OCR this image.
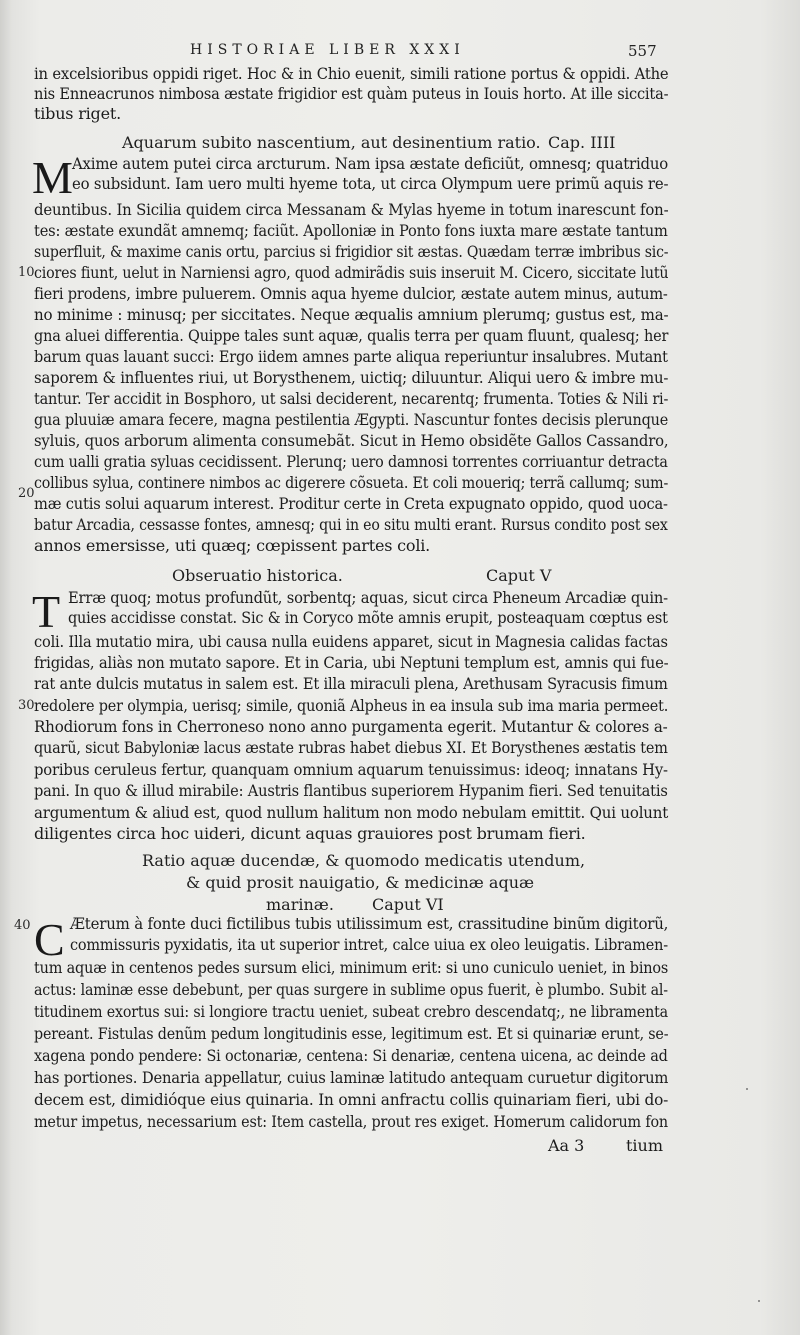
HISTORIAE LIBER XXXI	557
in excelsioribus oppidi riget. Hoc & in Chio euenit, simili ratione portus & oppidi. Athe
nis Enneacrunos nimbosa æstate frigidior est quàm puteus in Iouis horto. At ille siccita-
tibus riget.
Aquarum subito nascentium, aut desinentium ratio. Cap. IIII
M Axime autem putei circa arcturum. Nam ipsa æstate deficiũt, omnesq; quatriduo
eo subsidunt. Iam uero multi hyeme tota, ut circa Olympum uere primũ aquis re-
deuntibus. In Sicilia quidem circa Messanam & Mylas hyeme in totum inarescunt fon-
tes: æstate exundãt amnemq; faciũt. Apolloniæ in Ponto fons iuxta mare æstate tantum
superfluit, & maxime canis ortu, parcius si frigidior sit æstas. Quædam terræ imbribus sic-
ciores fiunt, uelut in Narniensi agro, quod admirãdis suis inseruit M. Cicero, siccitate lutũ
fieri prodens, imbre puluerem. Omnis aqua hyeme dulcior, æstate autem minus, autum-
no minime : minusq; per siccitates. Neque æqualis amnium plerumq; gustus est, ma-
gna aluei differentia. Quippe tales sunt aquæ, qualis terra per quam fluunt, qualesq; her
barum quas lauant succi: Ergo iidem amnes parte aliqua reperiuntur insalubres. Mutant
saporem & influentes riui, ut Borysthenem, uictiq; diluuntur. Aliqui uero & imbre mu-
tantur. Ter accidit in Bosphoro, ut salsi deciderent, necarentq; frumenta. Toties & Nili ri-
gua pluuiæ amara fecere, magna pestilentia Ægypti. Nascuntur fontes decisis plerunque
syluis, quos arborum alimenta consumebãt. Sicut in Hemo obsidẽte Gallos Cassandro,
cum ualli gratia syluas cecidissent. Plerunq; uero damnosi torrentes corriuantur detracta
collibus sylua, continere nimbos ac digerere cõsueta. Et coli moueriq; terrã callumq; sum-
mæ cutis solui aquarum interest. Proditur certe in Creta expugnato oppido, quod uoca-
batur Arcadia, cessasse fontes, amnesq; qui in eo situ multi erant. Rursus condito post sex
annos emersisse, uti quæq; cœpissent partes coli.
Obseruatio historica.	Caput V
T Erræ quoq; motus profundũt, sorbentq; aquas, sicut circa Pheneum Arcadiæ quin-
quies accidisse constat. Sic & in Coryco mõte amnis erupit, posteaquam cœptus est
coli. Illa mutatio mira, ubi causa nulla euidens apparet, sicut in Magnesia calidas factas
frigidas, aliàs non mutato sapore. Et in Caria, ubi Neptuni templum est, amnis qui fue-
rat ante dulcis mutatus in salem est. Et illa miraculi plena, Arethusam Syracusis fimum
redolere per olympia, uerisq; simile, quoniã Alpheus in ea insula sub ima maria permeet.
Rhodiorum fons in Cherroneso nono anno purgamenta egerit. Mutantur & colores a-
quarũ, sicut Babyloniæ lacus æstate rubras habet diebus XI. Et Borysthenes æstatis tem
poribus ceruleus fertur, quanquam omnium aquarum tenuissimus: ideoq; innatans Hy-
pani. In quo & illud mirabile: Austris flantibus superiorem Hypanim fieri. Sed tenuitatis
argumentum & aliud est, quod nullum halitum non modo nebulam emittit. Qui uolunt
diligentes circa hoc uideri, dicunt aquas grauiores post brumam fieri.
Ratio aquæ ducendæ, & quomodo medicatis utendum,
& quid prosit nauigatio, & medicinæ aquæ
marinæ. Caput VI
C Æterum à fonte duci fictilibus tubis utilissimum est, crassitudine binũm digitorũ,
commissuris pyxidatis, ita ut superior intret, calce uiua ex oleo leuigatis. Libramen-
tum aquæ in centenos pedes sursum elici, minimum erit: si uno cuniculo ueniet, in binos
actus: laminæ esse debebunt, per quas surgere in sublime opus fuerit, è plumbo. Subit al-
titudinem exortus sui: si longiore tractu ueniet, subeat crebro descendatq;, ne libramenta
pereant. Fistulas denũm pedum longitudinis esse, legitimum est. Et si quinariæ erunt, se-
xagena pondo pendere: Si octonariæ, centena: Si denariæ, centena uicena, ac deinde ad
has portiones. Denaria appellatur, cuius laminæ latitudo antequam curuetur digitorum
decem est, dimidióque eius quinaria. In omni anfractu collis quinariam fieri, ubi do-
metur impetus, necessarium est: Item castella, prout res exiget. Homerum calidorum fon
10
20
30
40
Aa 3	tium
